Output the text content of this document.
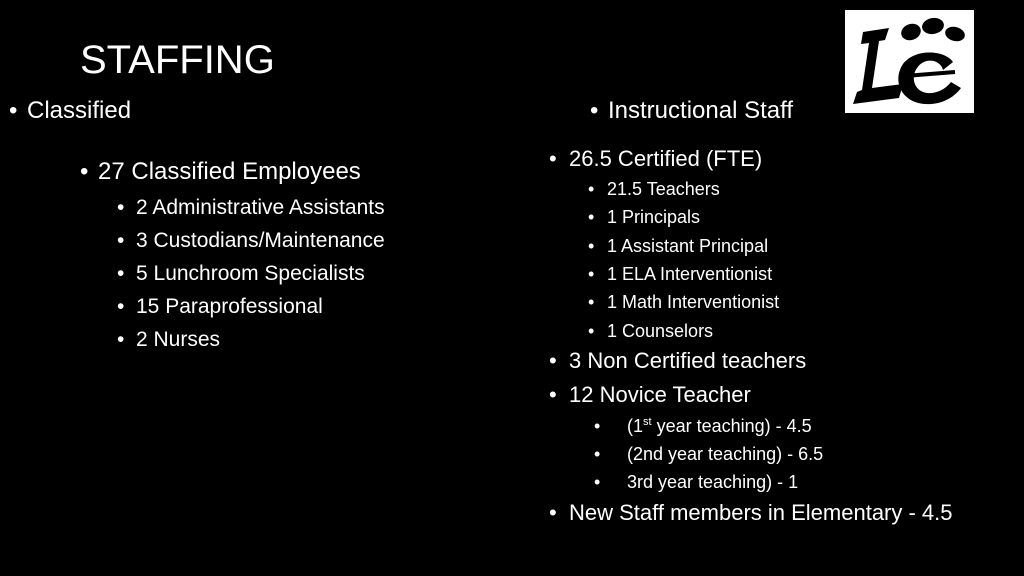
STAFFING
• Classified
• 27 Classified Employees
• 2 Administrative Assistants
• 3 Custodians/Maintenance
• 5 Lunchroom Specialists
• 15 Paraprofessional
• 2 Nurses
• Instructional Staff
• 26.5 Certified (FTE)
• 21.5 Teachers
• 1 Principals
• 1 Assistant Principal
• 1 ELA Interventionist
• 1 Math Interventionist
• 1 Counselors
• 3 Non Certified teachers
• 12 Novice Teacher
• (1st year teaching) - 4.5
• (2nd year teaching) - 6.5
• 3rd year teaching) - 1
• New Staff members in Elementary - 4.5
